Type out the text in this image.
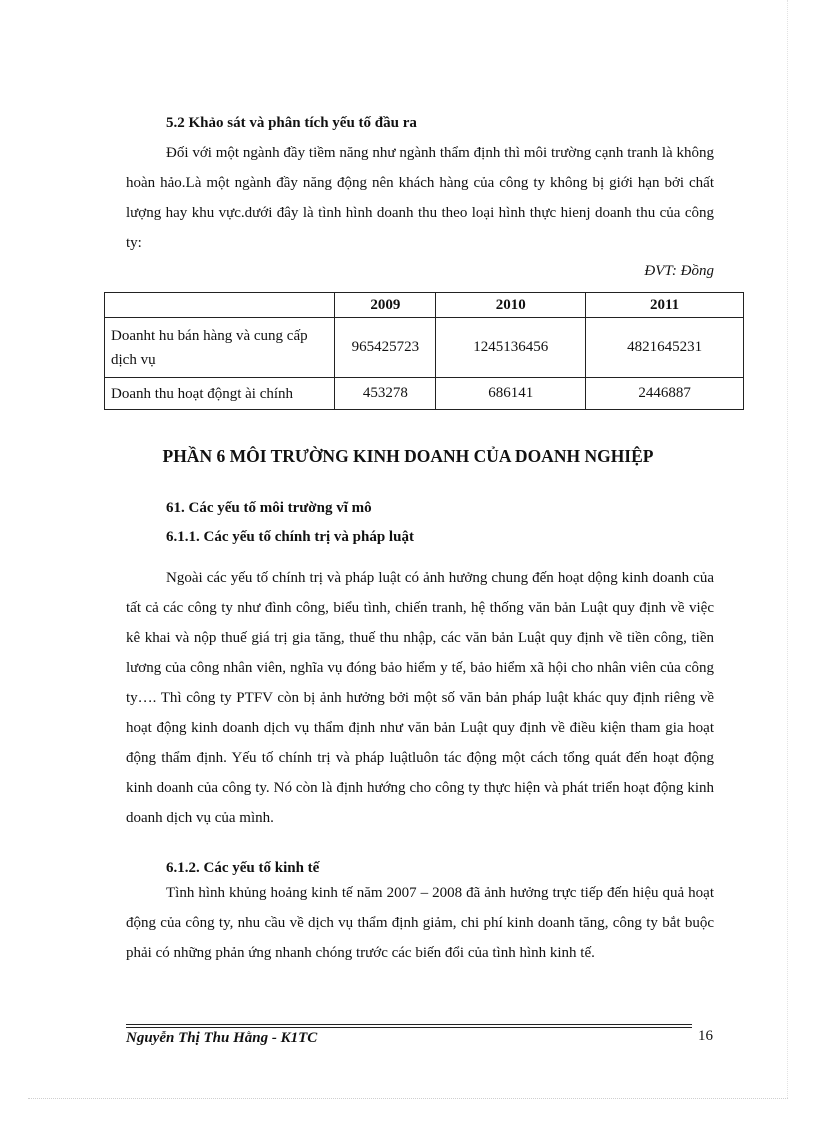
5.2 Khảo sát và phân tích yếu tố đầu ra

Đối với một ngành đầy tiềm năng như ngành thẩm định thì môi trường cạnh tranh là không hoàn hảo.Là một ngành đầy năng động nên khách hàng của công ty không bị giới hạn bởi chất lượng hay khu vực.dưới đây là tình hình doanh thu theo loại hình thực hienj doanh thu của công ty:

ĐVT: Đồng
	2009	2010	2011
Doanht hu bán hàng và cung cấp dịch vụ	965425723	1245136456	4821645231
Doanh thu hoạt độngt ài chính	453278	686141	2446887
PHẦN 6 MÔI TRƯỜNG KINH DOANH CỦA DOANH NGHIỆP
61. Các yếu tố môi trường vĩ mô
6.1.1. Các yếu tố chính trị và pháp luật

Ngoài các yếu tố chính trị và pháp luật có ảnh hưởng chung đến hoạt dộng kinh doanh của tất cả các công ty như đình công, biểu tình, chiến tranh, hệ thống văn bản Luật quy định về việc kê khai và nộp thuế giá trị gia tăng, thuế thu nhập, các văn bản Luật quy định về tiền công, tiền lương của công nhân viên, nghĩa vụ đóng bảo hiểm y tế, bảo hiểm xã hội cho nhân viên của công ty…. Thì công ty PTFV còn bị ảnh hưởng bởi một số văn bản pháp luật khác quy định riêng về hoạt động kinh doanh dịch vụ thẩm định như văn bản Luật quy định về điều kiện tham gia hoạt động thẩm định. Yếu tố chính trị và pháp luậtluôn tác động một cách tổng quát đến hoạt động kinh doanh của công ty. Nó còn là định hướng cho công ty thực hiện và phát triển hoạt động kinh doanh dịch vụ của mình.

6.1.2. Các yếu tố kinh tế

Tình hình khủng hoảng kinh tế năm 2007 – 2008 đã ảnh hưởng trực tiếp đến hiệu quả hoạt động của công ty, nhu cầu về dịch vụ thẩm định giảm, chi phí kinh doanh tăng, công ty bắt buộc phải có những phản ứng nhanh chóng trước các biến đổi của tình hình kinh tế.

Nguyễn Thị Thu Hằng - K1TC	16
